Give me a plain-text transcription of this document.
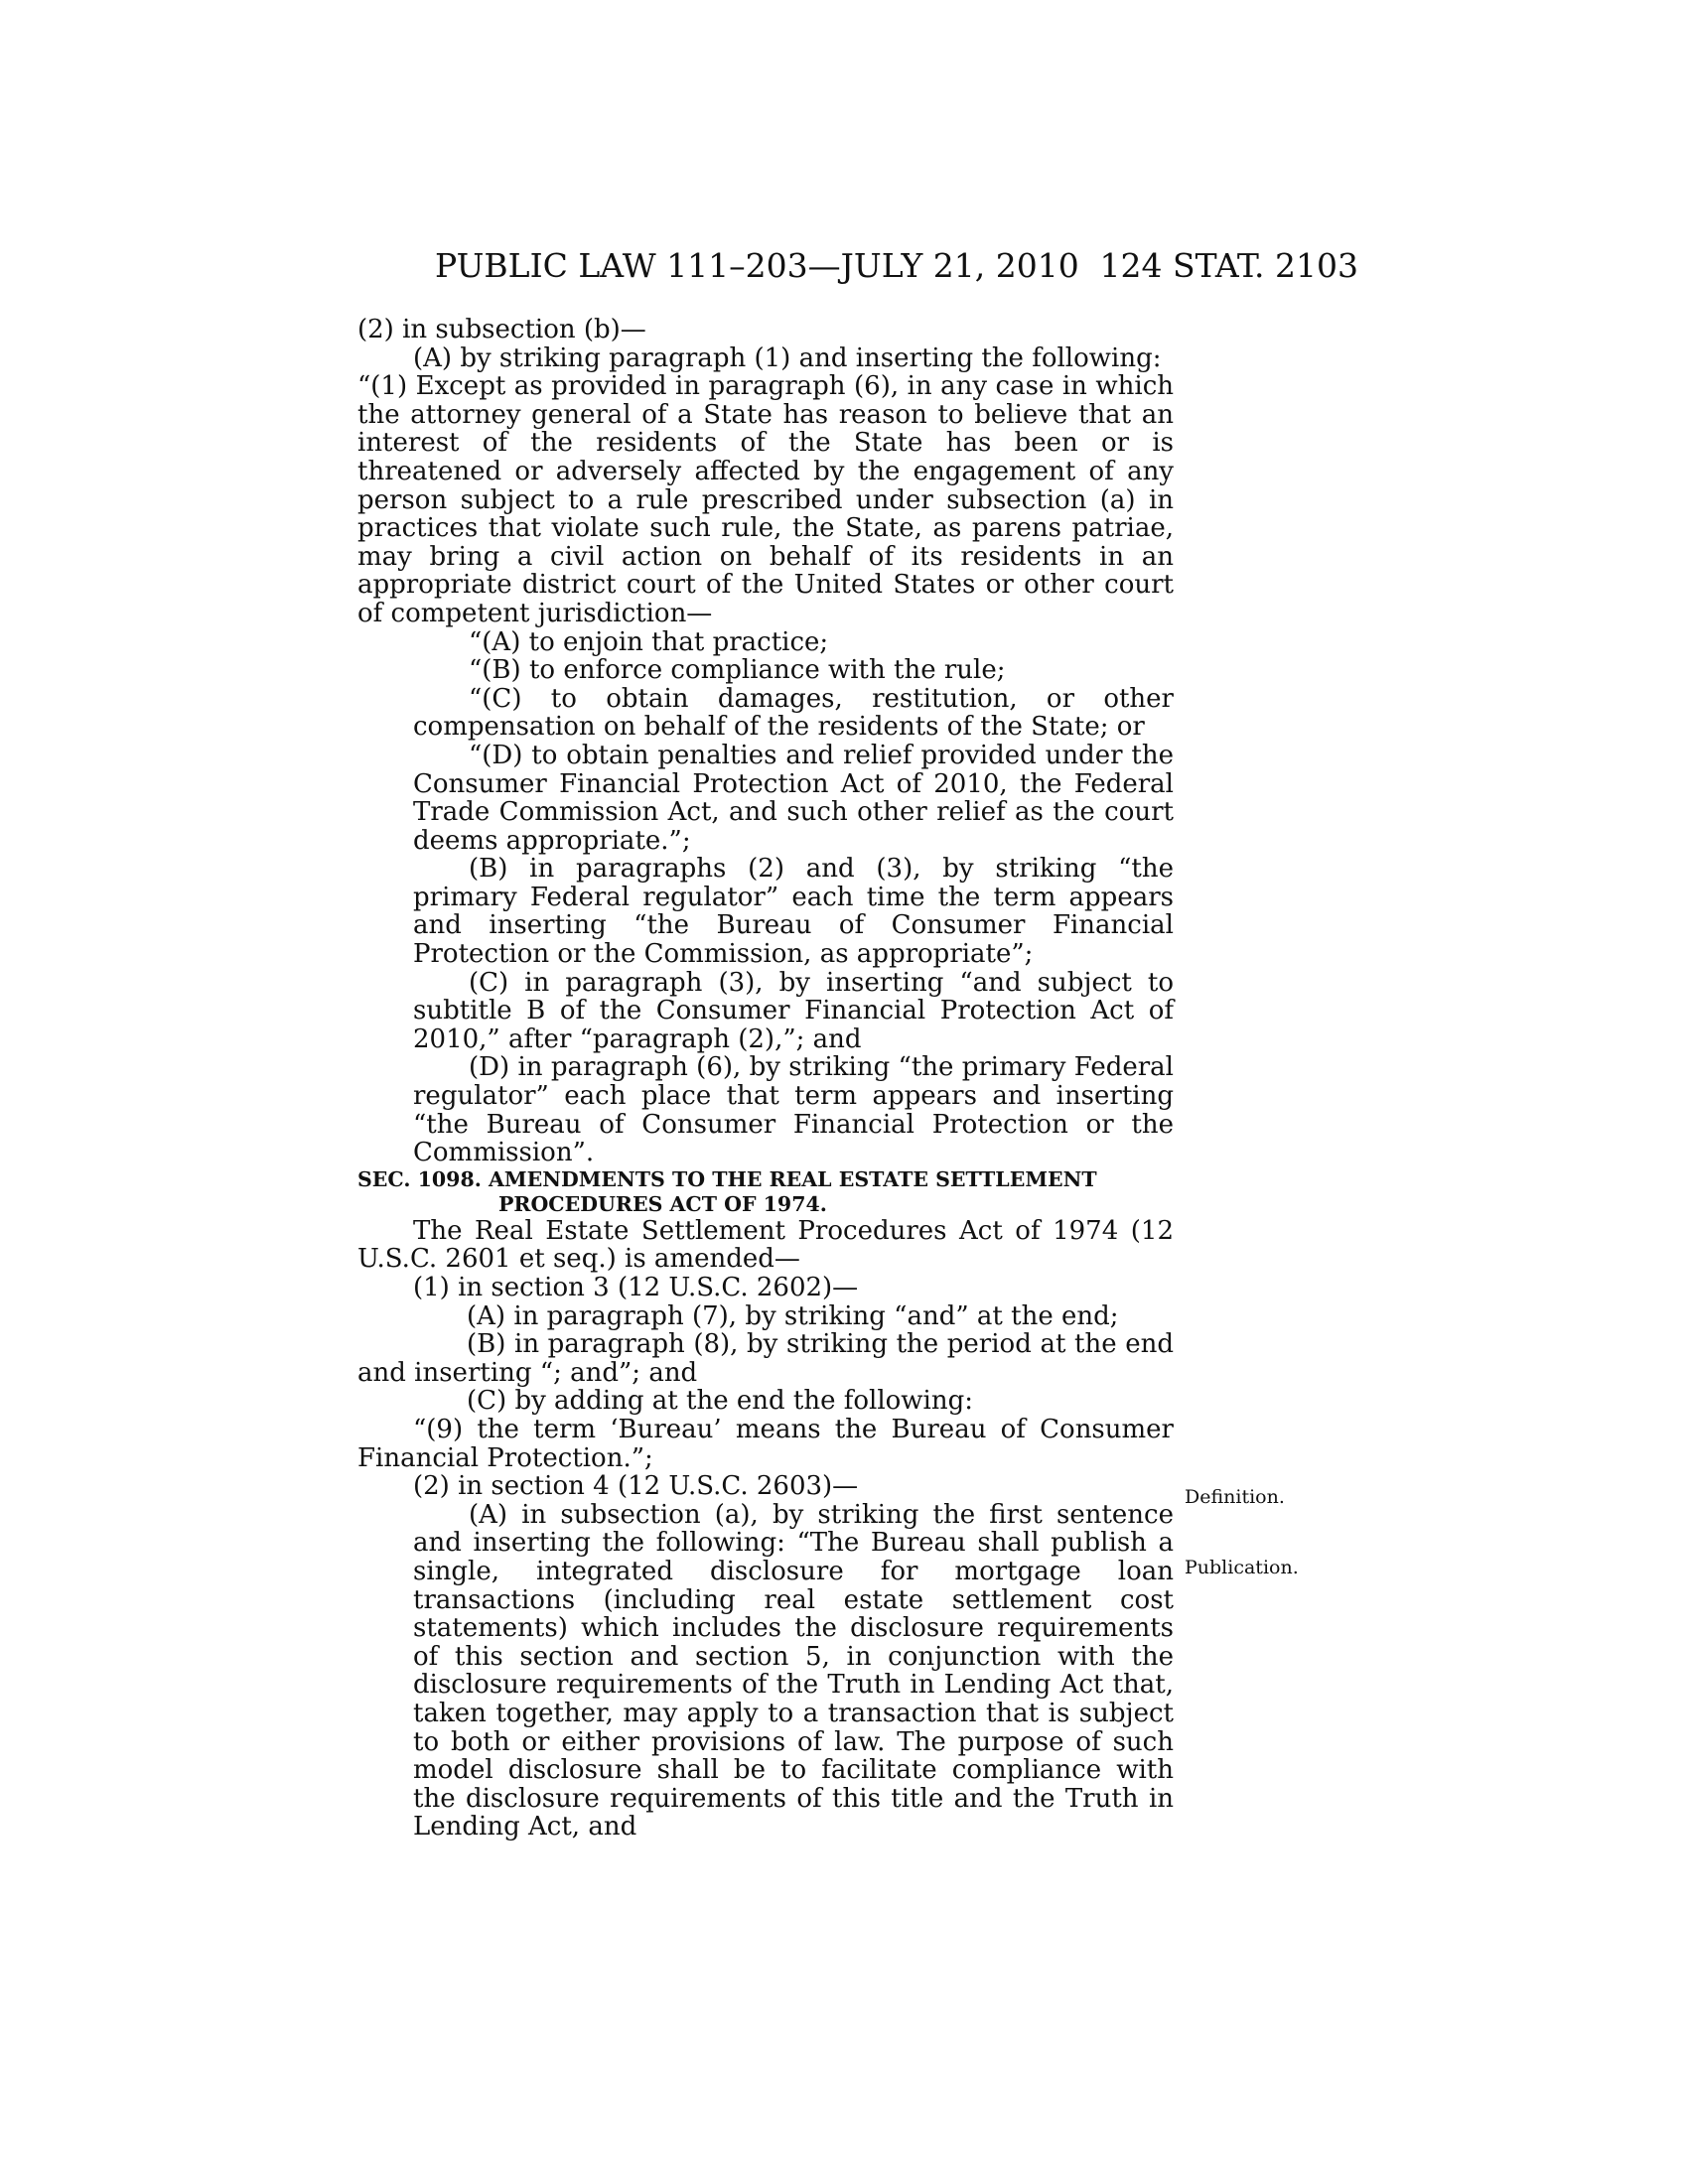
PUBLIC LAW 111–203—JULY 21, 2010 124 STAT. 2103

(2) in subsection (b)—

(A) by striking paragraph (1) and inserting the following:

“(1) Except as provided in paragraph (6), in any case in which the attorney general of a State has reason to believe that an interest of the residents of the State has been or is threatened or adversely affected by the engagement of any person subject to a rule prescribed under subsection (a) in practices that violate such rule, the State, as parens patriae, may bring a civil action on behalf of its residents in an appropriate district court of the United States or other court of competent jurisdiction—

“(A) to enjoin that practice;

“(B) to enforce compliance with the rule;

“(C) to obtain damages, restitution, or other compensation on behalf of the residents of the State; or

“(D) to obtain penalties and relief provided under the Consumer Financial Protection Act of 2010, the Federal Trade Commission Act, and such other relief as the court deems appropriate.”;

(B) in paragraphs (2) and (3), by striking “the primary Federal regulator” each time the term appears and inserting “the Bureau of Consumer Financial Protection or the Commission, as appropriate”;

(C) in paragraph (3), by inserting “and subject to subtitle B of the Consumer Financial Protection Act of 2010,” after “paragraph (2),”; and

(D) in paragraph (6), by striking “the primary Federal regulator” each place that term appears and inserting “the Bureau of Consumer Financial Protection or the Commission”.

SEC. 1098. AMENDMENTS TO THE REAL ESTATE SETTLEMENT PROCEDURES ACT OF 1974.

The Real Estate Settlement Procedures Act of 1974 (12 U.S.C. 2601 et seq.) is amended—

(1) in section 3 (12 U.S.C. 2602)—

(A) in paragraph (7), by striking “and” at the end;

(B) in paragraph (8), by striking the period at the end and inserting “; and”; and

(C) by adding at the end the following:

“(9) the term ‘Bureau’ means the Bureau of Consumer Financial Protection.”;

(2) in section 4 (12 U.S.C. 2603)—

(A) in subsection (a), by striking the first sentence and inserting the following: “The Bureau shall publish a single, integrated disclosure for mortgage loan transactions (including real estate settlement cost statements) which includes the disclosure requirements of this section and section 5, in conjunction with the disclosure requirements of the Truth in Lending Act that, taken together, may apply to a transaction that is subject to both or either provisions of law. The purpose of such model disclosure shall be to facilitate compliance with the disclosure requirements of this title and the Truth in Lending Act, and

Definition.
Publication.
